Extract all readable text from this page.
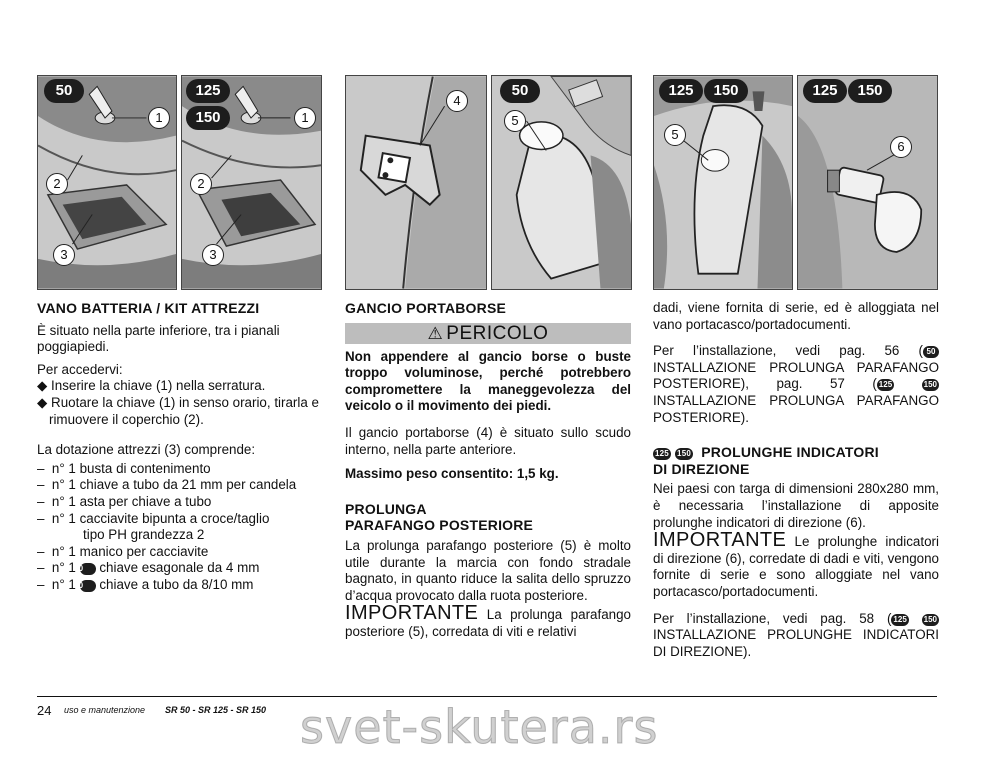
50
1
2
3
125
150	1
2
3
4
50
5
125	150
5
125	150
6
VANO BATTERIA / KIT ATTREZZI
È situato nella parte inferiore, tra i pianali poggiapiedi.
Per accedervi:
◆ Inserire la chiave (1) nella serratura.
◆ Ruotare la chiave (1) in senso orario, tirarla e rimuovere il coperchio (2).
La dotazione attrezzi (3) comprende:
– n° 1 busta di contenimento
– n° 1 chiave a tubo da 21 mm per candela
– n° 1 asta per chiave a tubo
– n° 1 cacciavite bipunta a croce/taglio
tipo PH grandezza 2
– n° 1 manico per cacciavite
– n° 1 50 chiave esagonale da 4 mm
– n° 1 50 chiave a tubo da 8/10 mm
GANCIO PORTABORSE
⚠ PERICOLO
Non appendere al gancio borse o buste troppo voluminose, perché potrebbero compromettere la maneggevolezza del veicolo o il movimento dei piedi.
Il gancio portaborse (4) è situato sullo scudo interno, nella parte anteriore.
Massimo peso consentito: 1,5 kg.
PROLUNGA
PARAFANGO POSTERIORE
La prolunga parafango posteriore (5) è molto utile durante la marcia con fondo stradale bagnato, in quanto riduce la salita dello spruzzo d’acqua provocato dalla ruota posteriore.
IMPORTANTE La prolunga parafango posteriore (5), corredata di viti e relativi
dadi, viene fornita di serie, ed è alloggiata nel vano portacasco/portadocumenti.
Per l’installazione, vedi pag. 56 ( 50 INSTALLAZIONE PROLUNGA PARAFANGO POSTERIORE), pag. 57 ( 125	150 INSTALLAZIONE PROLUNGA PARAFANGO POSTERIORE).
125 150 PROLUNGHE INDICATORI
DI DIREZIONE
Nei paesi con targa di dimensioni 280x280 mm, è necessaria l’installazione di apposite prolunghe indicatori di direzione (6).
IMPORTANTE Le prolunghe indicatori di direzione (6), corredate di dadi e viti, vengono fornite di serie e sono alloggiate nel vano portacasco/portadocumenti.
Per l’installazione, vedi pag. 58 ( 125 150 INSTALLAZIONE PROLUNGHE INDICATORI DI DIREZIONE).
24 uso e manutenzione SR 50 - SR 125 - SR 150 svet-skutera.rs
